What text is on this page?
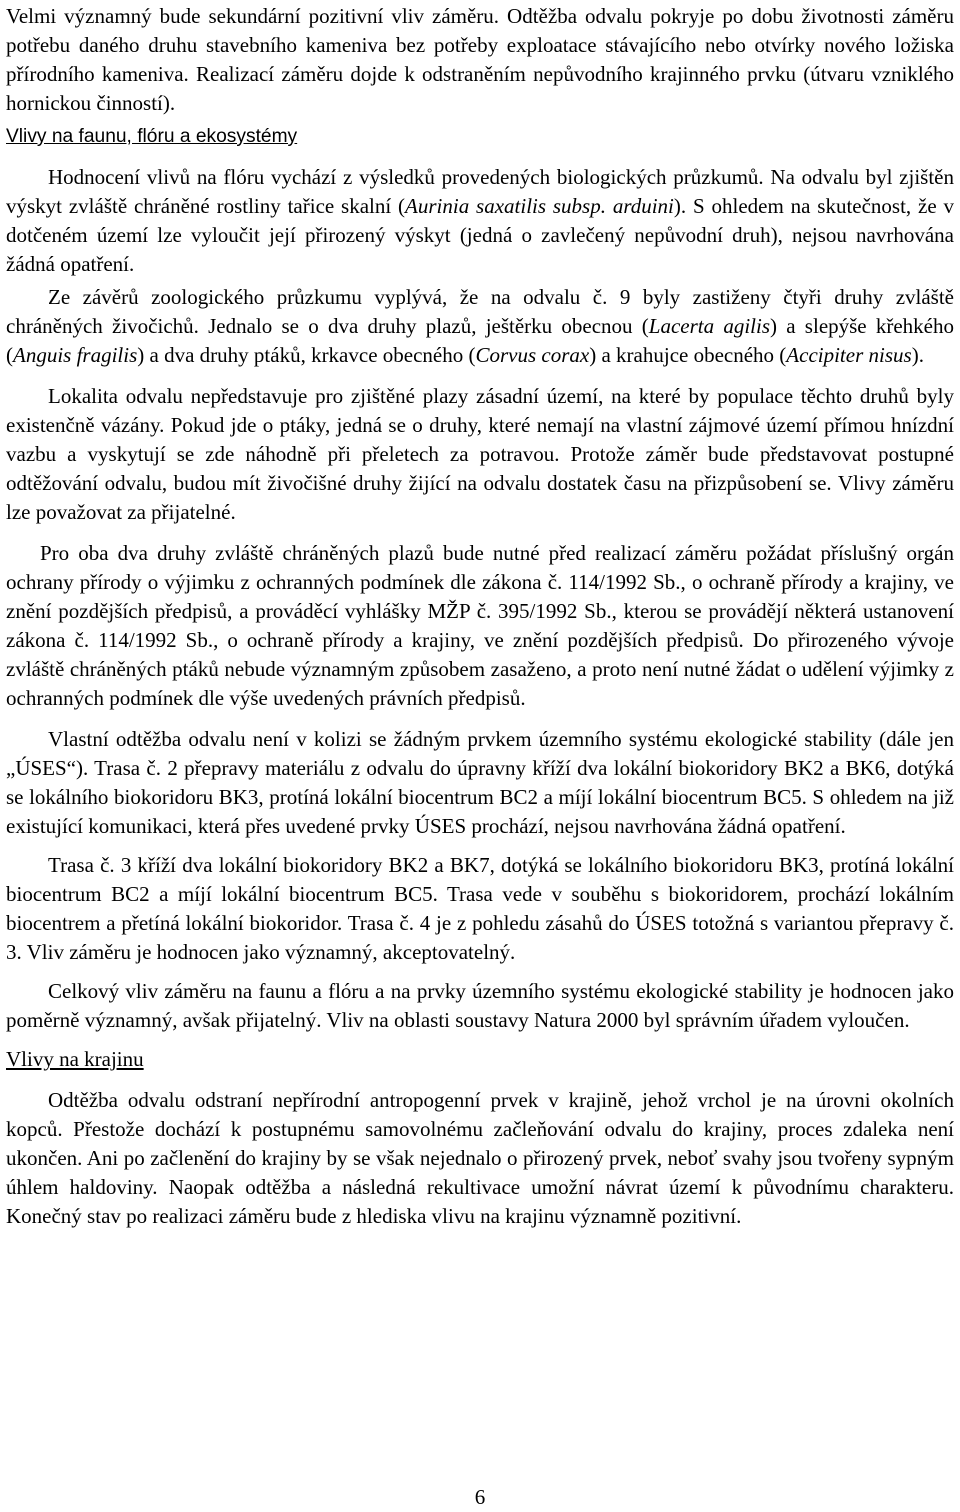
Velmi významný bude sekundární pozitivní vliv záměru. Odtěžba odvalu pokryje po dobu životnosti záměru potřebu daného druhu stavebního kameniva bez potřeby exploatace stávajícího nebo otvírky nového ložiska přírodního kameniva. Realizací záměru dojde k odstraněním nepůvodního krajinného prvku (útvaru vzniklého hornickou činností).

Vlivy na faunu, flóru a ekosystémy

Hodnocení vlivů na flóru vychází z výsledků provedených biologických průzkumů. Na odvalu byl zjištěn výskyt zvláště chráněné rostliny tařice skalní (Aurinia saxatilis subsp. arduini). S ohledem na skutečnost, že v dotčeném území lze vyloučit její přirozený výskyt (jedná o zavlečený nepůvodní druh), nejsou navrhována žádná opatření.

Ze závěrů zoologického průzkumu vyplývá, že na odvalu č. 9 byly zastiženy čtyři druhy zvláště chráněných živočichů. Jednalo se o dva druhy plazů, ještěrku obecnou (Lacerta agilis) a slepýše křehkého (Anguis fragilis) a dva druhy ptáků, krkavce obecného (Corvus corax) a krahujce obecného (Accipiter nisus).

Lokalita odvalu nepředstavuje pro zjištěné plazy zásadní území, na které by populace těchto druhů byly existenčně vázány. Pokud jde o ptáky, jedná se o druhy, které nemají na vlastní zájmové území přímou hnízdní vazbu a vyskytují se zde náhodně při přeletech za potravou. Protože záměr bude představovat postupné odtěžování odvalu, budou mít živočišné druhy žijící na odvalu dostatek času na přizpůsobení se. Vlivy záměru lze považovat za přijatelné.

Pro oba dva druhy zvláště chráněných plazů bude nutné před realizací záměru požádat příslušný orgán ochrany přírody o výjimku z ochranných podmínek dle zákona č. 114/1992 Sb., o ochraně přírody a krajiny, ve znění pozdějších předpisů, a prováděcí vyhlášky MŽP č. 395/1992 Sb., kterou se provádějí některá ustanovení zákona č. 114/1992 Sb., o ochraně přírody a krajiny, ve znění pozdějších předpisů. Do přirozeného vývoje zvláště chráněných ptáků nebude významným způsobem zasaženo, a proto není nutné žádat o udělení výjimky z ochranných podmínek dle výše uvedených právních předpisů.

Vlastní odtěžba odvalu není v kolizi se žádným prvkem územního systému ekologické stability (dále jen „ÚSES“). Trasa č. 2 přepravy materiálu z odvalu do úpravny kříží dva lokální biokoridory BK2 a BK6, dotýká se lokálního biokoridoru BK3, protíná lokální biocentrum BC2 a míjí lokální biocentrum BC5. S ohledem na již existující komunikaci, která přes uvedené prvky ÚSES prochází, nejsou navrhována žádná opatření.

Trasa č. 3 kříží dva lokální biokoridory BK2 a BK7, dotýká se lokálního biokoridoru BK3, protíná lokální biocentrum BC2 a míjí lokální biocentrum BC5. Trasa vede v souběhu s biokoridorem, prochází lokálním biocentrem a přetíná lokální biokoridor. Trasa č. 4 je z pohledu zásahů do ÚSES totožná s variantou přepravy č. 3. Vliv záměru je hodnocen jako významný, akceptovatelný.

Celkový vliv záměru na faunu a flóru a na prvky územního systému ekologické stability je hodnocen jako poměrně významný, avšak přijatelný. Vliv na oblasti soustavy Natura 2000 byl správním úřadem vyloučen.

Vlivy na krajinu

Odtěžba odvalu odstraní nepřírodní antropogenní prvek v krajině, jehož vrchol je na úrovni okolních kopců. Přestože dochází k postupnému samovolnému začleňování odvalu do krajiny, proces zdaleka není ukončen. Ani po začlenění do krajiny by se však nejednalo o přirozený prvek, neboť svahy jsou tvořeny sypným úhlem haldoviny. Naopak odtěžba a následná rekultivace umožní návrat území k původnímu charakteru. Konečný stav po realizaci záměru bude z hlediska vlivu na krajinu významně pozitivní.

6
